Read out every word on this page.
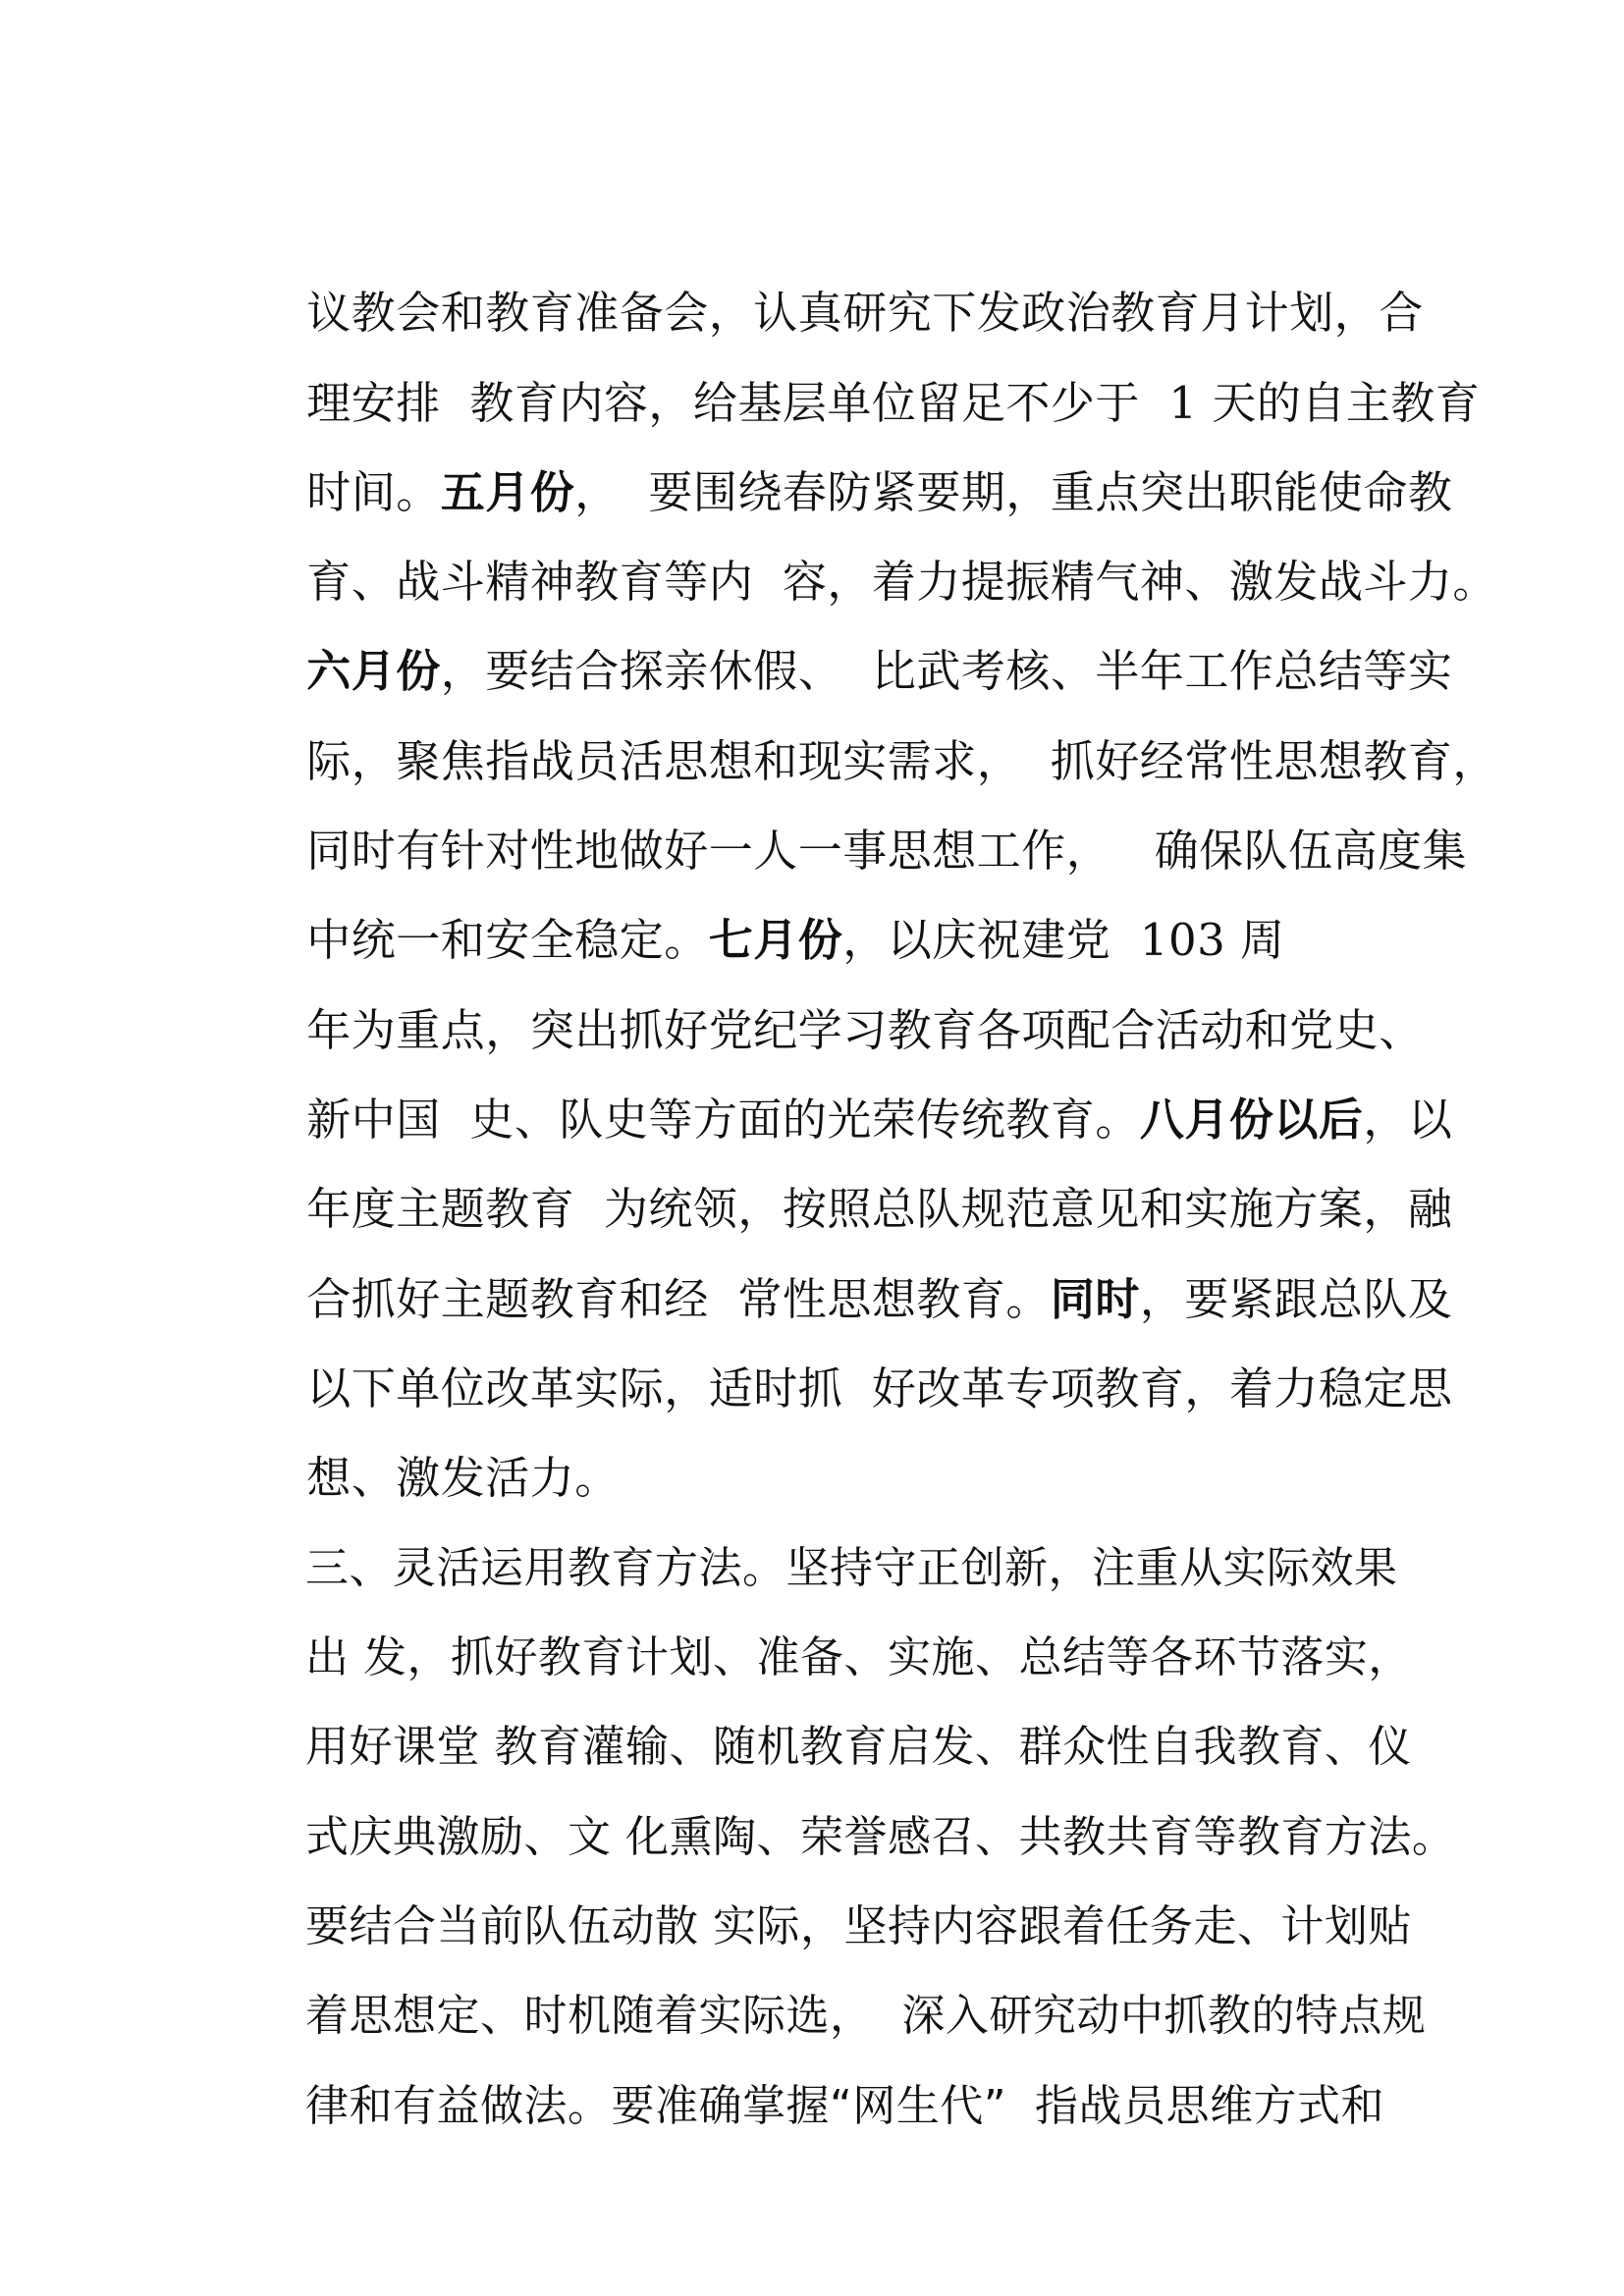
议教会和教育准备会，认真研究下发政治教育月计划，合

理安排  教育内容，给基层单位留足不少于  1 天的自主教育

时间。五月份，  要围绕春防紧要期，重点突出职能使命教

育、战斗精神教育等内  容，着力提振精气神、激发战斗力。

六月份，要结合探亲休假、  比武考核、半年工作总结等实

际，聚焦指战员活思想和现实需求，  抓好经常性思想教育，

同时有针对性地做好一人一事思想工作，   确保队伍高度集

中统一和安全稳定。七月份，以庆祝建党  103 周

年为重点，突出抓好党纪学习教育各项配合活动和党史、

新中国  史、队史等方面的光荣传统教育。八月份以后，以

年度主题教育  为统领，按照总队规范意见和实施方案，融

合抓好主题教育和经  常性思想教育。同时，要紧跟总队及

以下单位改革实际，适时抓  好改革专项教育，着力稳定思

想、激发活力。

三、灵活运用教育方法。坚持守正创新，注重从实际效果

出 发，抓好教育计划、准备、实施、总结等各环节落实，

用好课堂 教育灌输、随机教育启发、群众性自我教育、仪

式庆典激励、文 化熏陶、荣誉感召、共教共育等教育方法。

要结合当前队伍动散 实际，坚持内容跟着任务走、计划贴

着思想定、时机随着实际选，  深入研究动中抓教的特点规

律和有益做法。要准确掌握“网生代”  指战员思维方式和
